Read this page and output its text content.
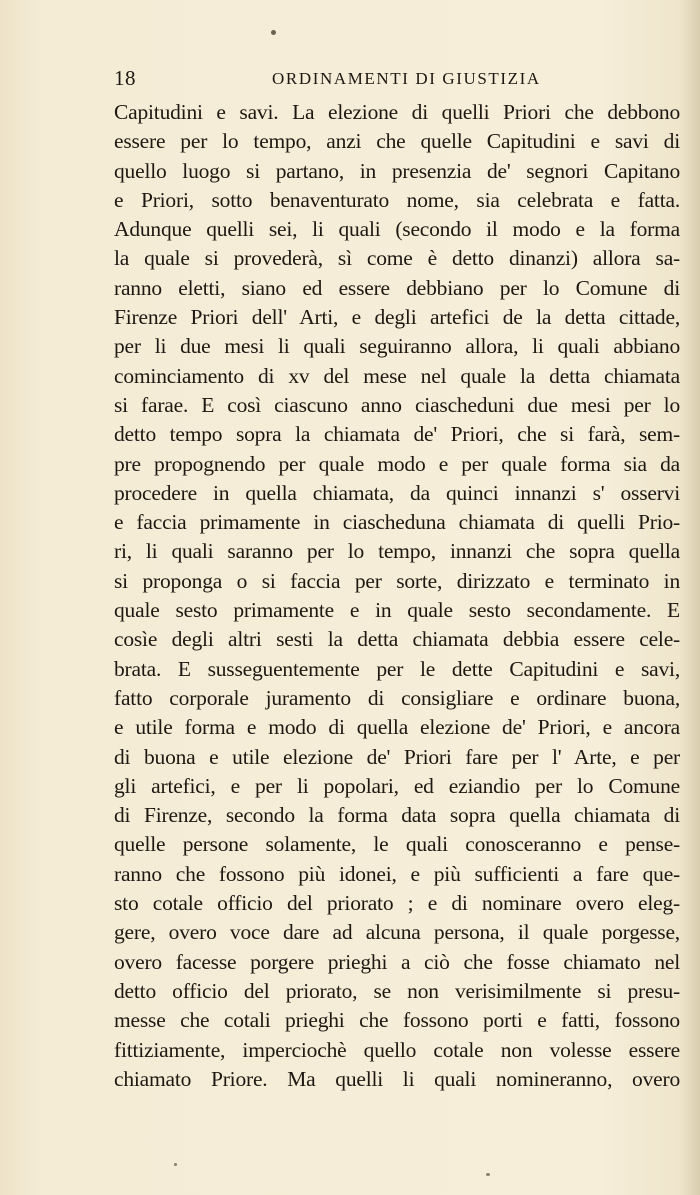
18	ORDINAMENTI DI GIUSTIZIA
Capitudini e savi. La elezione di quelli Priori che debbono
essere per lo tempo, anzi che quelle Capitudini e savi di
quello luogo si partano, in presenzia de' segnori Capitano
e Priori, sotto benaventurato nome, sia celebrata e fatta.
Adunque quelli sei, li quali (secondo il modo e la forma
la quale si provederà, sì come è detto dinanzi) allora sa-
ranno eletti, siano ed essere debbiano per lo Comune di
Firenze Priori dell' Arti, e degli artefici de la detta cittade,
per li due mesi li quali seguiranno allora, li quali abbiano
cominciamento di xv del mese nel quale la detta chiamata
si farae. E così ciascuno anno ciascheduni due mesi per lo
detto tempo sopra la chiamata de' Priori, che si farà, sem-
pre propognendo per quale modo e per quale forma sia da
procedere in quella chiamata, da quinci innanzi s' osservi
e faccia primamente in ciascheduna chiamata di quelli Prio-
ri, li quali saranno per lo tempo, innanzi che sopra quella
si proponga o si faccia per sorte, dirizzato e terminato in
quale sesto primamente e in quale sesto secondamente. E
cosìe degli altri sesti la detta chiamata debbia essere cele-
brata. E susseguentemente per le dette Capitudini e savi,
fatto corporale juramento di consigliare e ordinare buona,
e utile forma e modo di quella elezione de' Priori, e ancora
di buona e utile elezione de' Priori fare per l' Arte, e per
gli artefici, e per li popolari, ed eziandio per lo Comune
di Firenze, secondo la forma data sopra quella chiamata di
quelle persone solamente, le quali conosceranno e pense-
ranno che fossono più idonei, e più sufficienti a fare que-
sto cotale officio del priorato ; e di nominare overo eleg-
gere, overo voce dare ad alcuna persona, il quale porgesse,
overo facesse porgere prieghi a ciò che fosse chiamato nel
detto officio del priorato, se non verisimilmente si presu-
messe che cotali prieghi che fossono porti e fatti, fossono
fittiziamente, imperciochè quello cotale non volesse essere
chiamato Priore. Ma quelli li quali nomineranno, overo
